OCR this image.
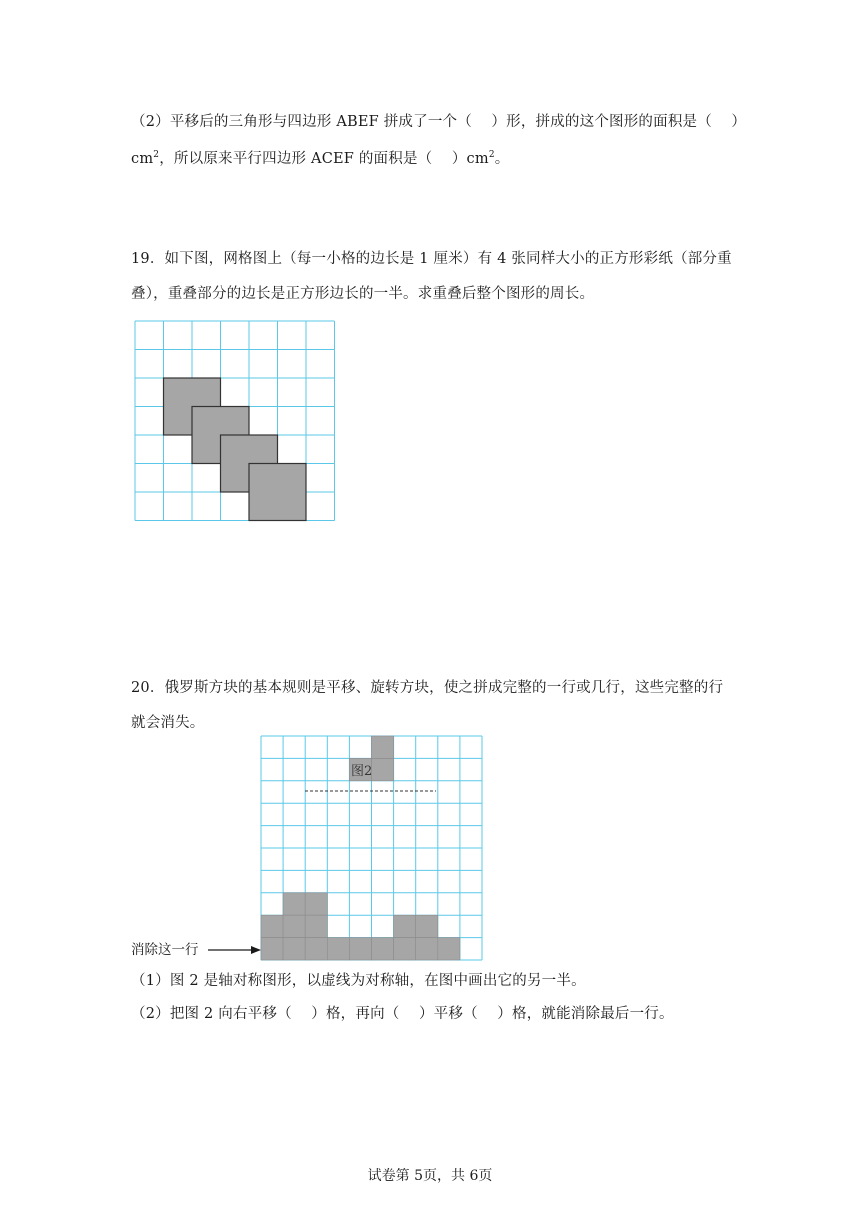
（2）平移后的三角形与四边形 ABEF 拼成了一个（　 ）形，拼成的这个图形的面积是（　 ）
$cm^2$，所以原来平行四边形 ACEF 的面积是（　 ）$cm^2$。
19．如下图，网格图上（每一小格的边长是 1 厘米）有 4 张同样大小的正方形彩纸（部分重
叠），重叠部分的边长是正方形边长的一半。求重叠后整个图形的周长。
20．俄罗斯方块的基本规则是平移、旋转方块，使之拼成完整的一行或几行，这些完整的行
就会消失。
图2
消除这一行
（1）图 2 是轴对称图形，以虚线为对称轴，在图中画出它的另一半。
（2）把图 2 向右平移（　 ）格，再向（　 ）平移（　 ）格，就能消除最后一行。
试卷第 5页，共 6页
